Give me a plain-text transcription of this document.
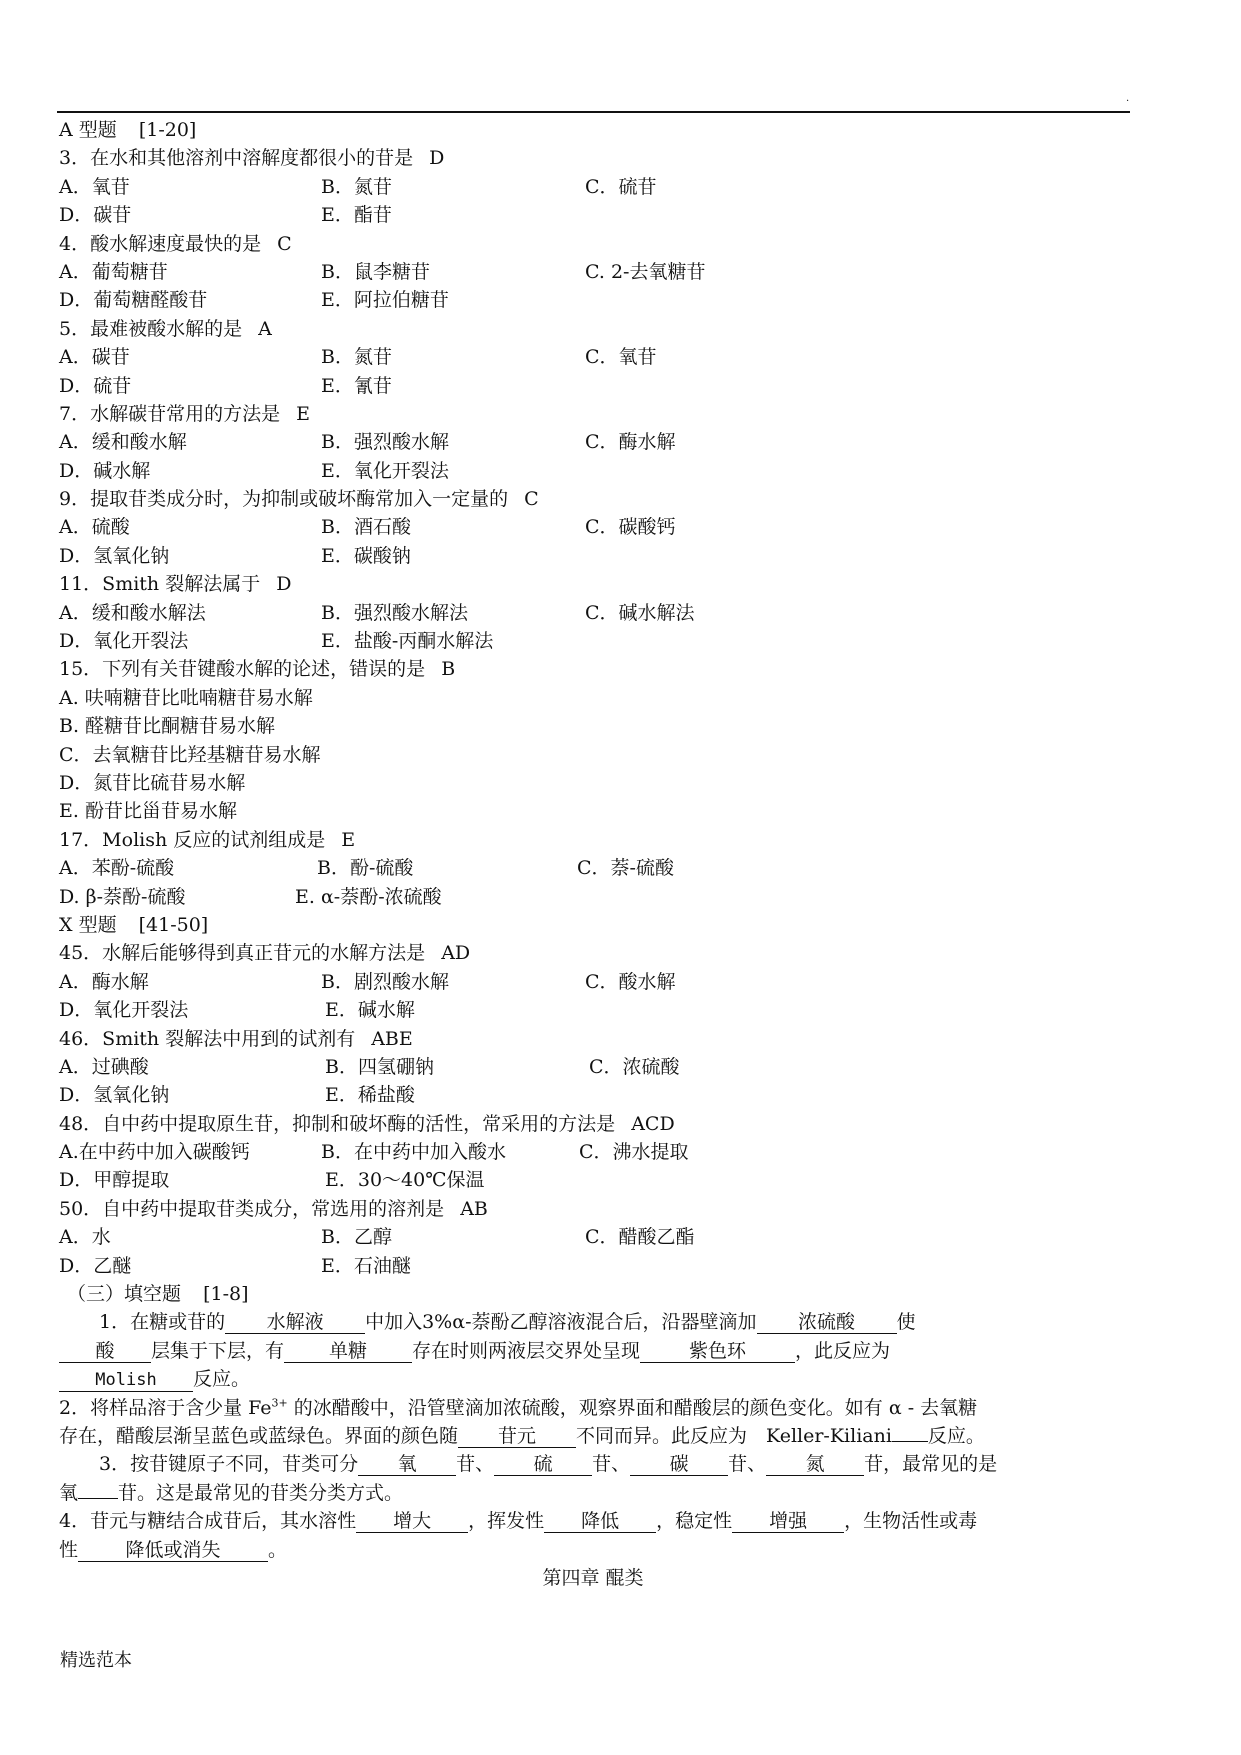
.
A 型题 [1-20]
3．在水和其他溶剂中溶解度都很小的苷是 D
A．氧苷	B．氮苷	C．硫苷
D．碳苷	E．酯苷
4．酸水解速度最快的是 C
A．葡萄糖苷	B．鼠李糖苷	C. 2-去氧糖苷
D．葡萄糖醛酸苷	E．阿拉伯糖苷
5．最难被酸水解的是 A
A．碳苷	B．氮苷	C．氧苷
D．硫苷	E．氰苷
7．水解碳苷常用的方法是 E
A．缓和酸水解	B．强烈酸水解	C．酶水解
D．碱水解	E．氧化开裂法
9．提取苷类成分时，为抑制或破坏酶常加入一定量的 C
A．硫酸	B．酒石酸	C．碳酸钙
D．氢氧化钠	E．碳酸钠
11．Smith 裂解法属于 D
A．缓和酸水解法	B．强烈酸水解法	C．碱水解法
D．氧化开裂法	E．盐酸-丙酮水解法
15．下列有关苷键酸水解的论述，错误的是 B
A. 呋喃糖苷比吡喃糖苷易水解
B. 醛糖苷比酮糖苷易水解
C．去氧糖苷比羟基糖苷易水解
D．氮苷比硫苷易水解
E. 酚苷比甾苷易水解
17．Molish 反应的试剂组成是 E
A．苯酚-硫酸	B．酚-硫酸	C．萘-硫酸
D. β-萘酚-硫酸	E. α-萘酚-浓硫酸
X 型题 [41-50]
45．水解后能够得到真正苷元的水解方法是 AD
A．酶水解	B．剧烈酸水解	C．酸水解
D．氧化开裂法	E．碱水解
46．Smith 裂解法中用到的试剂有 ABE
A．过碘酸	B．四氢硼钠	C．浓硫酸
D．氢氧化钠	E．稀盐酸
48．自中药中提取原生苷，抑制和破坏酶的活性，常采用的方法是 ACD
A.在中药中加入碳酸钙	B．在中药中加入酸水	C．沸水提取
D．甲醇提取	E．30～40℃保温
50．自中药中提取苷类成分，常选用的溶剂是 AB
A．水	B．乙醇	C．醋酸乙酯
D．乙醚	E．石油醚
（三）填空题 [1-8]
1．在糖或苷的 水解液 中加入3%α-萘酚乙醇溶液混合后，沿器壁滴加 浓硫酸 使
酸 层集于下层，有 单糖 存在时则两液层交界处呈现	紫色环	，此反应为
Molish 反应。
2．将样品溶于含少量 $Fe^{3+}$ 的冰醋酸中，沿管壁滴加浓硫酸，观察界面和醋酸层的颜色变化。如有 α - 去氧糖
存在，醋酸层渐呈蓝色或蓝绿色。界面的颜色随 苷元 不同而异。此反应为　Keller-Kiliani 反应。
3．按苷键原子不同，苷类可分 氧 苷、 硫 苷、 碳 苷、 氮 苷，最常见的是
氧 苷。这是最常见的苷类分类方式。
4．苷元与糖结合成苷后，其水溶性 增大 ，挥发性 降低 ，稳定性 增强 ，生物活性或毒
性 降低或消失	。
第四章 醌类
精选范本
